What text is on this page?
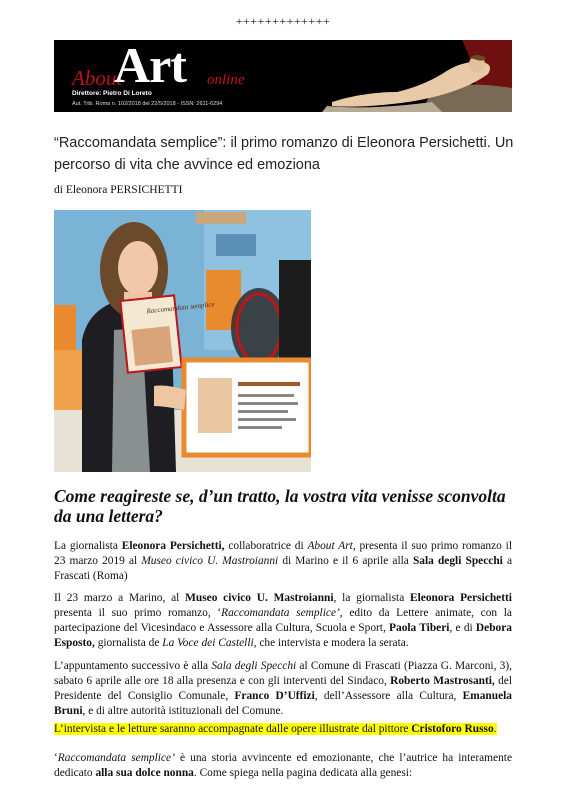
+++++++++++++
About
Art online
Direttore: Pietro Di Loreto
Aut. Trib. Roma n. 102/2018 del 22/5/2018 - ISSN: 2611-6294
“Raccomandata semplice”: il primo romanzo di Eleonora Persichetti. Un percorso di vita che avvince ed emoziona
di Eleonora PERSICHETTI
Raccomandata semplice
Come reagireste se, d’un tratto, la vostra vita venisse sconvolta da una lettera?

La giornalista Eleonora Persichetti, collaboratrice di About Art, presenta il suo primo romanzo il 23 marzo 2019 al Museo civico U. Mastroianni di Marino e il 6 aprile alla Sala degli Specchi a Frascati (Roma)

Il 23 marzo a Marino, al Museo civico U. Mastroianni, la giornalista Eleonora Persichetti presenta il suo primo romanzo, ‘Raccomandata semplice’, edito da Lettere animate, con la partecipazione del Vicesindaco e Assessore alla Cultura, Scuola e Sport, Paola Tiberi, e di Debora Esposto, giornalista de La Voce dei Castelli, che intervista e modera la serata.

L’appuntamento successivo è alla Sala degli Specchi al Comune di Frascati (Piazza G. Marconi, 3), sabato 6 aprile alle ore 18 alla presenza e con gli interventi del Sindaco, Roberto Mastrosanti, del Presidente del Consiglio Comunale, Franco D’Uffizi, dell’Assessore alla Cultura, Emanuela Bruni, e di altre autorità istituzionali del Comune.

L’intervista e le letture saranno accompagnate dalle opere illustrate dal pittore Cristoforo Russo.

‘Raccomandata semplice’ è una storia avvincente ed emozionante, che l’autrice ha interamente dedicato alla sua dolce nonna. Come spiega nella pagina dedicata alla genesi:
